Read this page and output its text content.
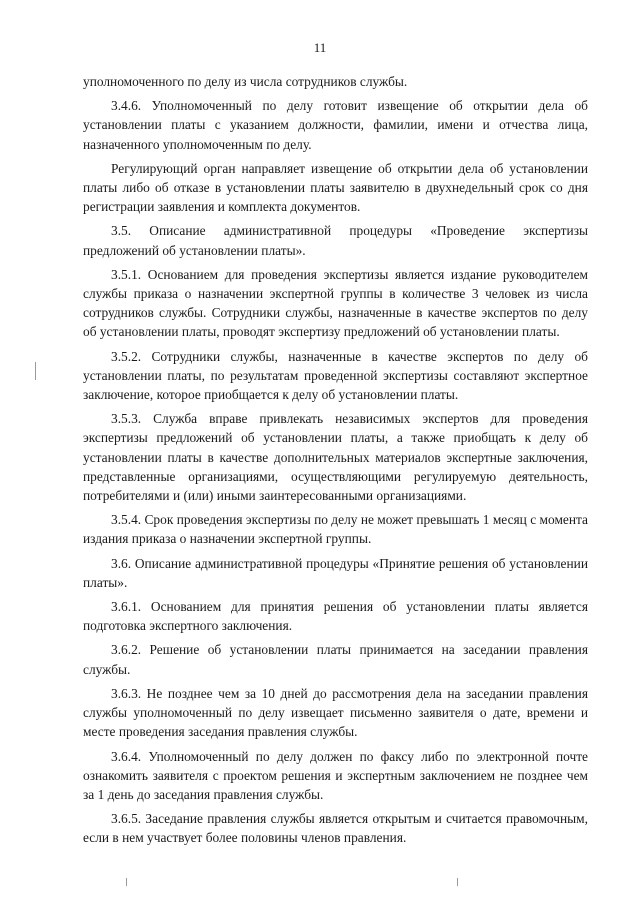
11

уполномоченного по делу из числа сотрудников службы.

3.4.6. Уполномоченный по делу готовит извещение об открытии дела об установлении платы с указанием должности, фамилии, имени и отчества лица, назначенного уполномоченным по делу.

Регулирующий орган направляет извещение об открытии дела об установлении платы либо об отказе в установлении платы заявителю в двухнедельный срок со дня регистрации заявления и комплекта документов.

3.5. Описание административной процедуры «Проведение экспертизы предложений об установлении платы».

3.5.1. Основанием для проведения экспертизы является издание руководителем службы приказа о назначении экспертной группы в количестве 3 человек из числа сотрудников службы. Сотрудники службы, назначенные в качестве экспертов по делу об установлении платы, проводят экспертизу предложений об установлении платы.

3.5.2. Сотрудники службы, назначенные в качестве экспертов по делу об установлении платы, по результатам проведенной экспертизы составляют экспертное заключение, которое приобщается к делу об установлении платы.

3.5.3. Служба вправе привлекать независимых экспертов для проведения экспертизы предложений об установлении платы, а также приобщать к делу об установлении платы в качестве дополнительных материалов экспертные заключения, представленные организациями, осуществляющими регулируемую деятельность, потребителями и (или) иными заинтересованными организациями.

3.5.4. Срок проведения экспертизы по делу не может превышать 1 месяц с момента издания приказа о назначении экспертной группы.

3.6. Описание административной процедуры «Принятие решения об установлении платы».

3.6.1. Основанием для принятия решения об установлении платы является подготовка экспертного заключения.

3.6.2. Решение об установлении платы принимается на заседании правления службы.

3.6.3. Не позднее чем за 10 дней до рассмотрения дела на заседании правления службы уполномоченный по делу извещает письменно заявителя о дате, времени и месте проведения заседания правления службы.

3.6.4. Уполномоченный по делу должен по факсу либо по электронной почте ознакомить заявителя с проектом решения и экспертным заключением не позднее чем за 1 день до заседания правления службы.

3.6.5. Заседание правления службы является открытым и считается правомочным, если в нем участвует более половины членов правления.
